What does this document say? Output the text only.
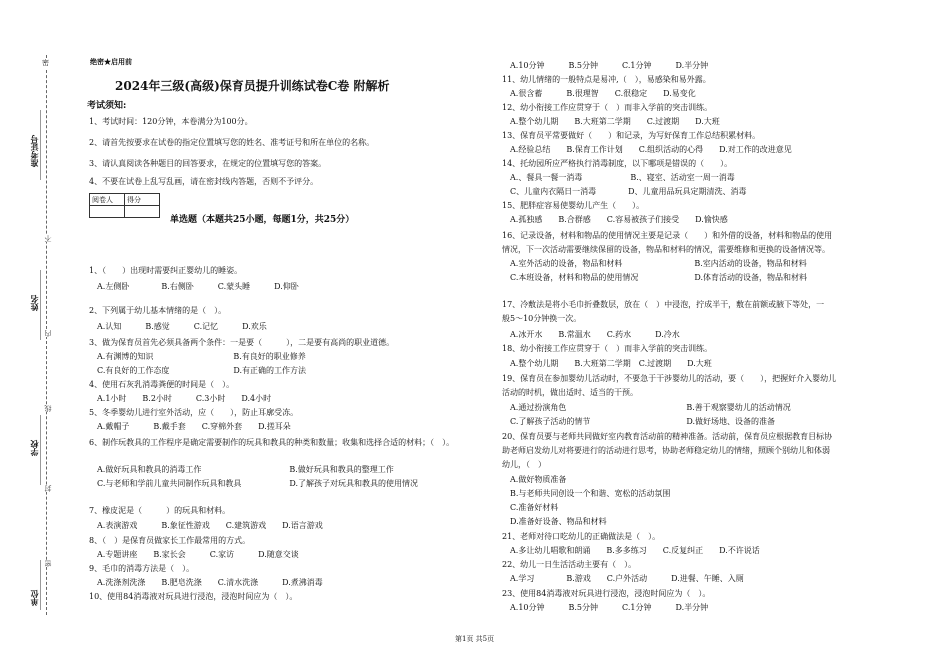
密
准考证号
姓名
学校
单位
不
内
线
封
密
绝密★启用前
2024年三级(高级)保育员提升训练试卷C卷 附解析
考试须知:
1、考试时间：120分钟，本卷满分为100分。
2、请首先按要求在试卷的指定位置填写您的姓名、准考证号和所在单位的名称。
3、请认真阅读各种题目的回答要求，在规定的位置填写您的答案。
4、不要在试卷上乱写乱画，请在密封线内答题，否则不予评分。
阅卷人	得分

单选题（本题共25小题，每题1分，共25分）
1、（　　）出现时需要纠正婴幼儿的睡姿。
　A.左侧卧　　　　B.右侧卧　　　C.蒙头睡　　　D.仰卧
2、下列属于幼儿基本情绪的是（　）。
　A.认知　　　B.感觉　　　C.记忆　　　D.欢乐
3、做为保育员首先必须具备两个条件：一是要（　　　），二是要有高尚的职业道德。
　A.有渊博的知识　　　　　　　　　　B.有良好的职业修养
　C.有良好的工作态度　　　　　　　　D.有正确的工作方法
4、使用石灰乳消毒粪便的时间是（　）。
　A.1小时　　B.2小时　　　C.3小时　　D.4小时
5、冬季婴幼儿进行室外活动，应（　　），防止耳廓受冻。
　A.戴帽子　　　B.戴手套　　C.穿棉外套　　D.搓耳朵
6、制作玩教具的工作程序是确定需要制作的玩具和教具的种类和数量；收集和选择合适的材料；（　）。
　A.做好玩具和教具的消毒工作　　　　　　　　　　　B.做好玩具和教具的整理工作
　C.与老师和学前儿童共同制作玩具和教具　　　　　　D.了解孩子对玩具和教具的使用情况
7、橡皮泥是（　　　）的玩具和材料。
　A.表演游戏　　　B.象征性游戏　　C.建筑游戏　　D.语言游戏
8、（　）是保育员做家长工作最常用的方式。
　A.专题讲座　　B.家长会　　　C.家访　　　D.随意交谈
9、毛巾的消毒方法是（　）。
　A.洗涤剂洗涤　　B.肥皂洗涤　　C.清水洗涤　　　D.煮沸消毒
10、使用84消毒液对玩具进行浸泡，浸泡时间应为（　）。
　A.10分钟　　　B.5分钟　　　C.1分钟　　　D.半分钟
11、幼儿情绪的一般特点是易冲,（　），易感染和易外露。
　A.很含蓄　　　B.很理智　　C.很稳定　　D.易变化
12、幼小衔接工作应贯穿于（　）而非入学前的突击训练。
　A.整个幼儿期　　B.大班第二学期　　C.过渡期　　D.大班
13、保育员平常要做好（　　）和记录，为写好保育工作总结积累材料。
　A.经验总结　　B.保育工作计划　　C.组织活动的心得　　D.对工作的改进意见
14、托幼园所应严格执行消毒制度，以下哪项是错误的（　　）。
　A.、餐具一餐一消毒　　　　　　B.、寝室、活动室一周一消毒
　C、儿童内衣隔日一消毒　　　　D、儿童用品玩具定期清洗、消毒
15、肥胖症容易使婴幼儿产生（　　）。
　A.孤独感　　B.合群感　　C.容易被孩子们接受　　D.愉快感
16、记录设备，材料和物品的使用情况主要是记录（　　）和外借的设备，材料和物品的使用
情况，下一次活动需要继续保留的设备，物品和材料的情况，需要维修和更换的设备情况等。
　A.室外活动的设备，物品和材料　　　　　　　　　B.室内活动的设备，物品和材料
　C.本班设备，材料和物品的使用情况　　　　　　　D.体育活动的设备，物品和材料
17、冷敷法是将小毛巾折叠数层，放在（　）中浸泡，拧成半干，敷在前额或腋下等处，一
般5～10分钟换一次。
　A.冰开水　　B.常温水　　C.药水　　　D.冷水
18、幼小衔接工作应贯穿于（　）而非入学前的突击训练。
　A.整个幼儿期　　B.大班第二学期　C.过渡期　　D.大班
19、保育员在参加婴幼儿活动时，不要急于干涉婴幼儿的活动，要（　　），把握好介入婴幼儿
活动的时机，做出适时、适当的干预。
　A.通过扮演角色　　　　　　　　　　　　　　　B.善于观察婴幼儿的活动情况
　C.了解孩子活动的情节　　　　　　　　　　　　D.做好场地、设备的准备
20、保育员要与老师共同做好室内教育活动前的精神准备。活动前，保育员应根据教育目标协
助老师启发幼儿对将要进行的活动进行思考，协助老师稳定幼儿的情绪，照顾个别幼儿和体弱
幼儿，（　）
　A.做好物质准备
　B.与老师共同创设一个和谐、宽松的活动氛围
　C.准备好材料
　D.准备好设备、物品和材料
21、老师对待口吃幼儿的正确做法是（　）。
　A.多让幼儿唱歌和朗诵　　B.多多练习　　C.反复纠正　　D.不许说话
22、幼儿一日生活活动主要有（　）。
　A.学习　　　　B.游戏　　C.户外活动　　　D.进餐、午睡、入厕
23、使用84消毒液对玩具进行浸泡，浸泡时间应为（　）。
　A.10分钟　　　B.5分钟　　　C.1分钟　　　D.半分钟
第1页 共5页
